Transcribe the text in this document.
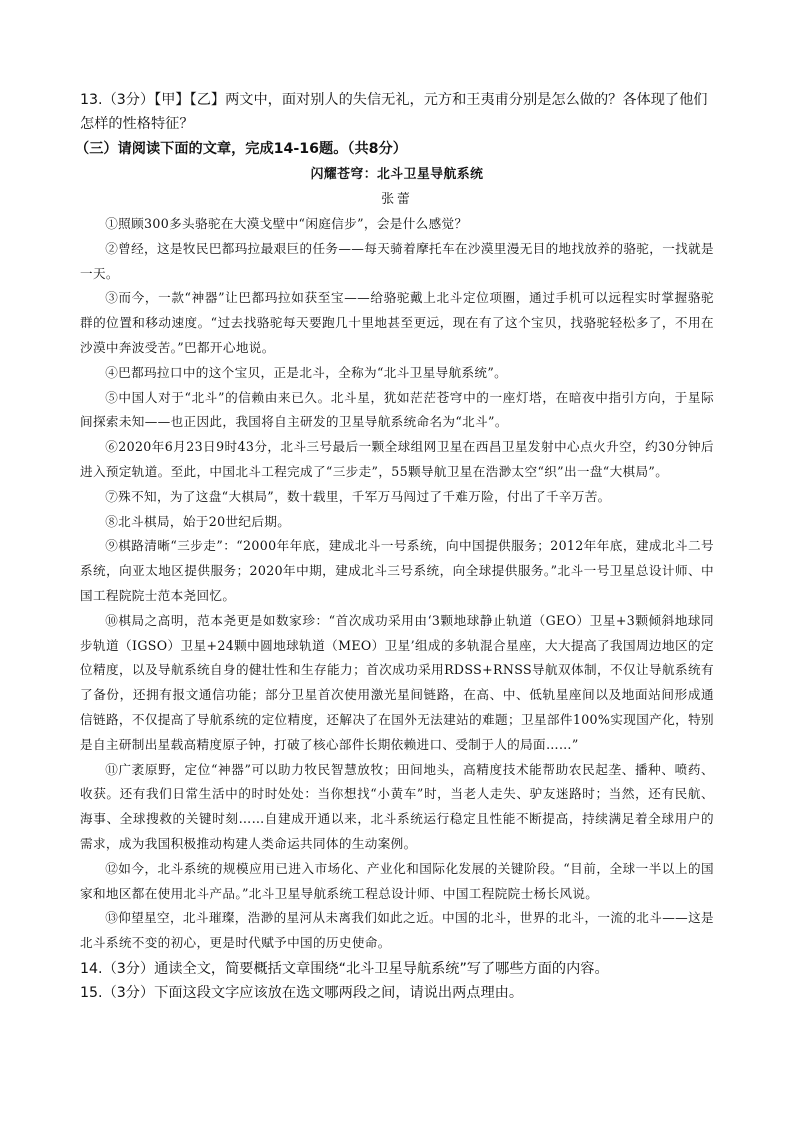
13.（3分）【甲】【乙】两文中，面对别人的失信无礼，元方和王夷甫分别是怎么做的？各体现了他们怎样的性格特征？

（三）请阅读下面的文章，完成14-16题。（共8分）

闪耀苍穹：北斗卫星导航系统

张蕾

①照顾300多头骆驼在大漠戈壁中“闲庭信步”，会是什么感觉？

②曾经，这是牧民巴都玛拉最艰巨的任务——每天骑着摩托车在沙漠里漫无目的地找放养的骆驼，一找就是一天。

③而今，一款“神器”让巴都玛拉如获至宝——给骆驼戴上北斗定位项圈，通过手机可以远程实时掌握骆驼群的位置和移动速度。“过去找骆驼每天要跑几十里地甚至更远，现在有了这个宝贝，找骆驼轻松多了，不用在沙漠中奔波受苦。”巴都开心地说。

④巴都玛拉口中的这个宝贝，正是北斗，全称为“北斗卫星导航系统”。

⑤中国人对于“北斗”的信赖由来已久。北斗星，犹如茫茫苍穹中的一座灯塔，在暗夜中指引方向，于星际间探索未知——也正因此，我国将自主研发的卫星导航系统命名为“北斗”。

⑥2020年6月23日9时43分，北斗三号最后一颗全球组网卫星在西昌卫星发射中心点火升空，约30分钟后进入预定轨道。至此，中国北斗工程完成了“三步走”，55颗导航卫星在浩渺太空“织”出一盘“大棋局”。

⑦殊不知，为了这盘“大棋局”，数十载里，千军万马闯过了千难万险，付出了千辛万苦。

⑧北斗棋局，始于20世纪后期。

⑨棋路清晰“三步走”：“2000年年底，建成北斗一号系统，向中国提供服务；2012年年底，建成北斗二号系统，向亚太地区提供服务；2020年中期，建成北斗三号系统，向全球提供服务。”北斗一号卫星总设计师、中国工程院院士范本尧回忆。

⑩棋局之高明，范本尧更是如数家珍：“首次成功采用由‘3颗地球静止轨道（GEO）卫星+3颗倾斜地球同步轨道（IGSO）卫星+24颗中圆地球轨道（MEO）卫星’组成的多轨混合星座，大大提高了我国周边地区的定位精度，以及导航系统自身的健壮性和生存能力；首次成功采用RDSS+RNSS导航双体制，不仅让导航系统有了备份，还拥有报文通信功能；部分卫星首次使用激光星间链路，在高、中、低轨星座间以及地面站间形成通信链路，不仅提高了导航系统的定位精度，还解决了在国外无法建站的难题；卫星部件100%实现国产化，特别是自主研制出星载高精度原子钟，打破了核心部件长期依赖进口、受制于人的局面……”

⑪广袤原野，定位“神器”可以助力牧民智慧放牧；田间地头，高精度技术能帮助农民起垄、播种、喷药、收获。还有我们日常生活中的时时处处：当你想找“小黄车”时，当老人走失、驴友迷路时；当然，还有民航、海事、全球搜救的关键时刻……自建成开通以来，北斗系统运行稳定且性能不断提高，持续满足着全球用户的需求，成为我国积极推动构建人类命运共同体的生动案例。

⑫如今，北斗系统的规模应用已进入市场化、产业化和国际化发展的关键阶段。“目前，全球一半以上的国家和地区都在使用北斗产品。”北斗卫星导航系统工程总设计师、中国工程院院士杨长风说。

⑬仰望星空，北斗璀璨，浩渺的星河从未离我们如此之近。中国的北斗，世界的北斗，一流的北斗——这是北斗系统不变的初心，更是时代赋予中国的历史使命。

14.（3分）通读全文，简要概括文章围绕“北斗卫星导航系统”写了哪些方面的内容。

15.（3分）下面这段文字应该放在选文哪两段之间，请说出两点理由。
